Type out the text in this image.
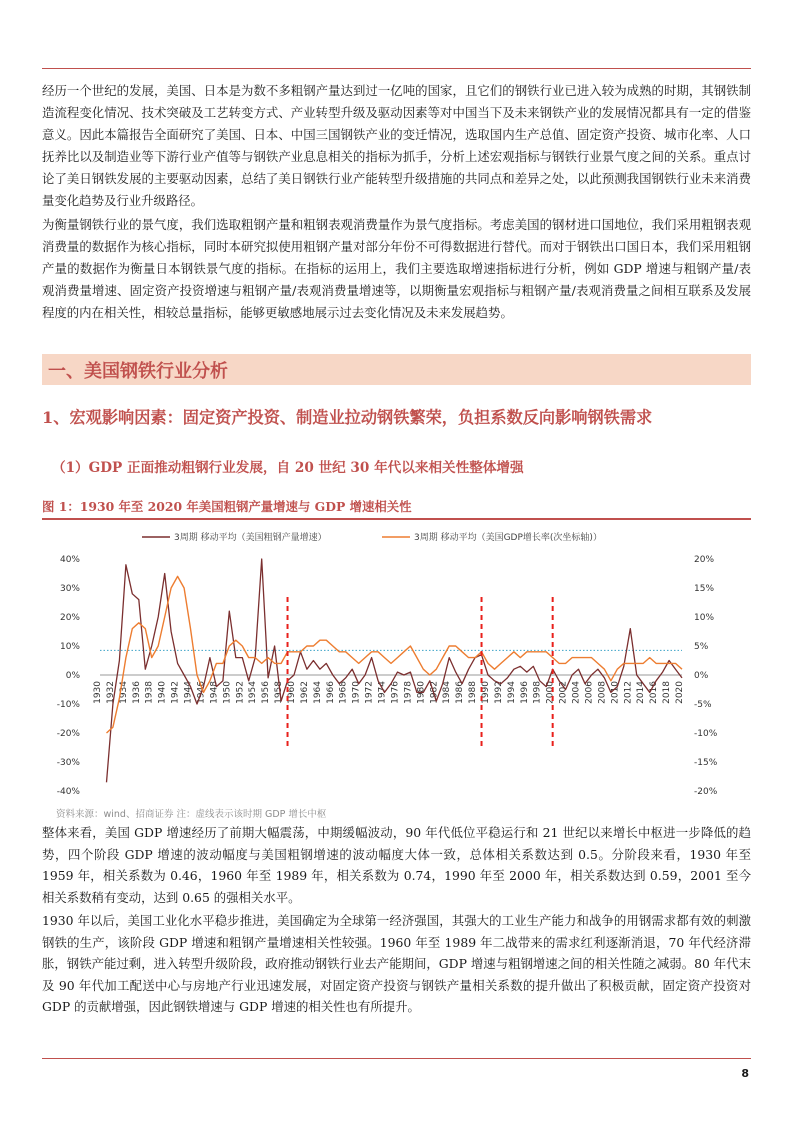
经历一个世纪的发展，美国、日本是为数不多粗钢产量达到过一亿吨的国家，且它们的钢铁行业已进入较为成熟的时期，其钢铁制造流程变化情况、技术突破及工艺转变方式、产业转型升级及驱动因素等对中国当下及未来钢铁产业的发展情况都具有一定的借鉴意义。因此本篇报告全面研究了美国、日本、中国三国钢铁产业的变迁情况，选取国内生产总值、固定资产投资、城市化率、人口抚养比以及制造业等下游行业产值等与钢铁产业息息相关的指标为抓手，分析上述宏观指标与钢铁行业景气度之间的关系。重点讨论了美日钢铁发展的主要驱动因素，总结了美日钢铁行业产能转型升级措施的共同点和差异之处，以此预测我国钢铁行业未来消费量变化趋势及行业升级路径。

为衡量钢铁行业的景气度，我们选取粗钢产量和粗钢表观消费量作为景气度指标。考虑美国的钢材进口国地位，我们采用粗钢表观消费量的数据作为核心指标，同时本研究拟使用粗钢产量对部分年份不可得数据进行替代。而对于钢铁出口国日本，我们采用粗钢产量的数据作为衡量日本钢铁景气度的指标。在指标的运用上，我们主要选取增速指标进行分析，例如 GDP 增速与粗钢产量/表观消费量增速、固定资产投资增速与粗钢产量/表观消费量增速等，以期衡量宏观指标与粗钢产量/表观消费量之间相互联系及发展程度的内在相关性，相较总量指标，能够更敏感地展示过去变化情况及未来发展趋势。

一、美国钢铁行业分析
1、宏观影响因素：固定资产投资、制造业拉动钢铁繁荣，负担系数反向影响钢铁需求
（1）GDP 正面推动粗钢行业发展，自 20 世纪 30 年代以来相关性整体增强
图 1：1930 年至 2020 年美国粗钢产量增速与 GDP 增速相关性
3周期 移动平均（美国粗钢产量增速）	3周期 移动平均（美国GDP增长率(次坐标轴)）
40%
30%
20%
10%
0%
-10%
-20%
-30%
-40%
20%
15%
10%
5%
0%
-5%
-10%
-15%
-20%
1930 1932 1934 1936 1938 1940 1942 1944 1946 1948 1950 1952 1954 1956 1958 1960 1962 1964 1966 1968 1970 1972 1974 1976 1978 1980 1982 1984 1986 1988 1990 1992 1994 1996 1998 2000 2002 2004 2006 2008 2010 2012 2014 2016 2018 2020
资料来源：wind、招商证券 注：虚线表示该时期 GDP 增长中枢

整体来看，美国 GDP 增速经历了前期大幅震荡，中期缓幅波动，90 年代低位平稳运行和 21 世纪以来增长中枢进一步降低的趋势，四个阶段 GDP 增速的波动幅度与美国粗钢增速的波动幅度大体一致，总体相关系数达到 0.5。分阶段来看，1930 年至 1959 年，相关系数为 0.46，1960 年至 1989 年，相关系数为 0.74，1990 年至 2000 年，相关系数达到 0.59，2001 至今相关系数稍有变动，达到 0.65 的强相关水平。

1930 年以后，美国工业化水平稳步推进，美国确定为全球第一经济强国，其强大的工业生产能力和战争的用钢需求都有效的刺激钢铁的生产，该阶段 GDP 增速和粗钢产量增速相关性较强。1960 年至 1989 年二战带来的需求红利逐渐消退，70 年代经济滞胀，钢铁产能过剩，进入转型升级阶段，政府推动钢铁行业去产能期间，GDP 增速与粗钢增速之间的相关性随之减弱。80 年代末及 90 年代加工配送中心与房地产行业迅速发展，对固定资产投资与钢铁产量相关系数的提升做出了积极贡献，固定资产投资对 GDP 的贡献增强，因此钢铁增速与 GDP 增速的相关性也有所提升。

8
